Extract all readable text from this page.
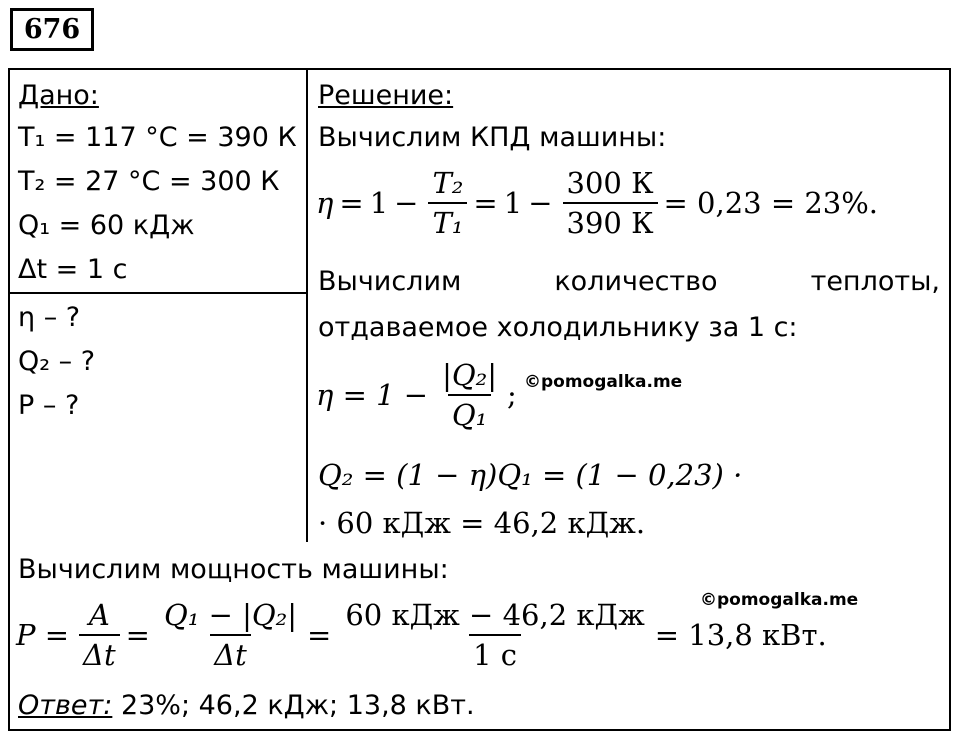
676
Дано:
T₁ = 117 °C = 390 К
T₂ = 27 °C = 300 К
Q₁ = 60 кДж
Δt = 1 с
η – ?
Q₂ – ?
P – ?
Решение:
Вычислим КПД машины:
$\eta = 1 - \frac{\text{T₂}}{\text{T₁}} = 1 - \frac{300 К}{390 К} = 0,23 = 23\%$.
Вычислим	количество	теплоты,
отдаваемое холодильнику за 1 с:
$\eta = 1 - \frac{\text{|Q₂|}}{\text{Q₁}}$ ; ©pomogalka.me
Q₂ = (1 − η)Q₁ = (1 − 0,23) ·
· 60 кДж = 46,2 кДж.
Вычислим мощность машины:
©pomogalka.me
$P = \frac{A}{\Delta t} = \frac{\text{Q₁ − |Q₂|}}{\Delta t} = \frac{\text{60 кДж − 46,2 кДж}}{1 с} = 13,8$ кВт.
Ответ: 23%; 46,2 кДж; 13,8 кВт.
